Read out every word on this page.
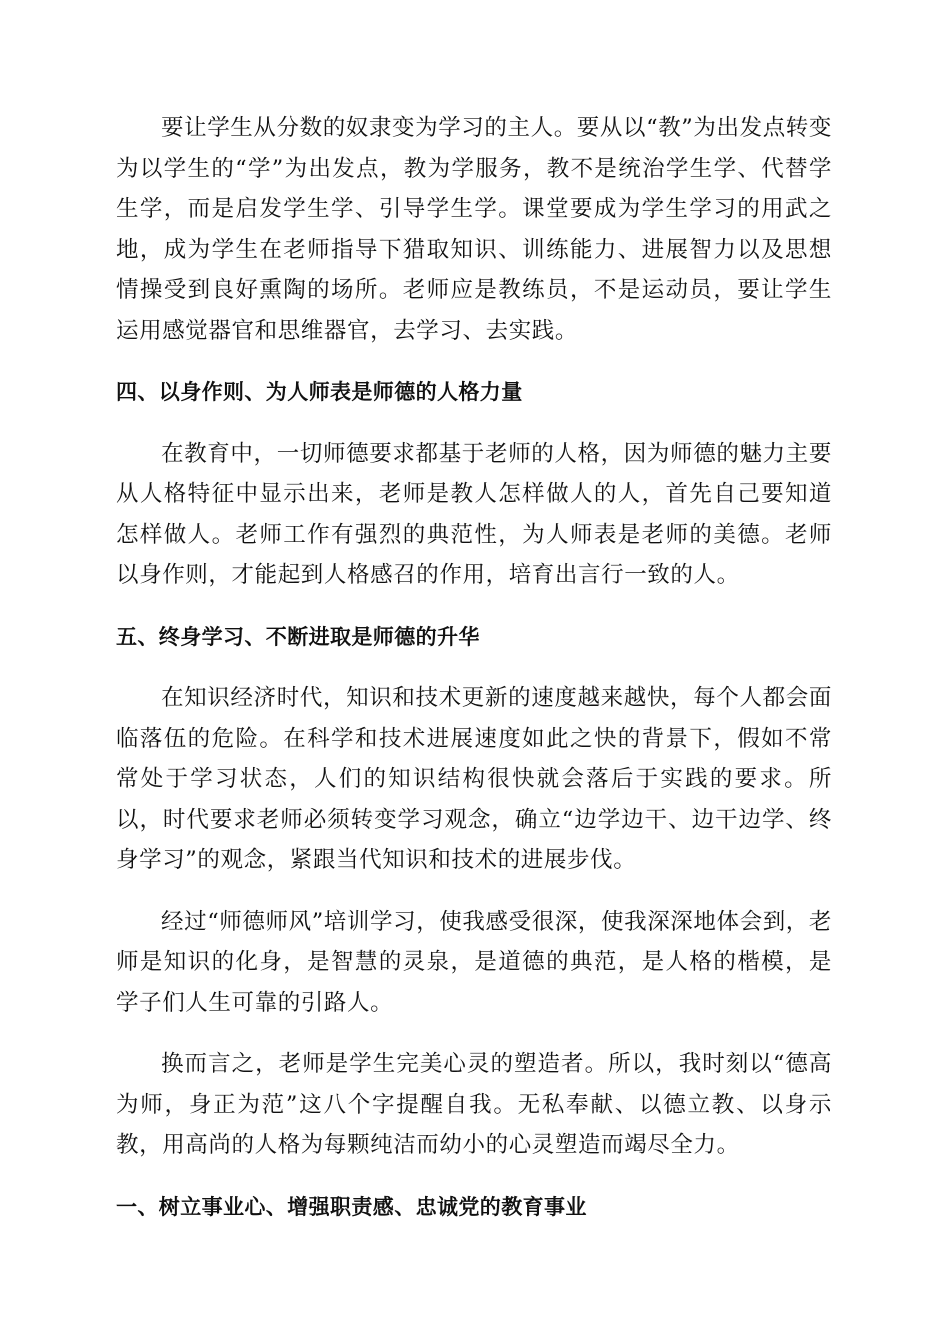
要让学生从分数的奴隶变为学习的主人。要从以“教”为出发点转变为以学生的“学”为出发点，教为学服务，教不是统治学生学、代替学生学，而是启发学生学、引导学生学。课堂要成为学生学习的用武之地，成为学生在老师指导下猎取知识、训练能力、进展智力以及思想情操受到良好熏陶的场所。老师应是教练员，不是运动员，要让学生运用感觉器官和思维器官，去学习、去实践。

四、以身作则、为人师表是师德的人格力量

在教育中，一切师德要求都基于老师的人格，因为师德的魅力主要从人格特征中显示出来，老师是教人怎样做人的人，首先自己要知道怎样做人。老师工作有强烈的典范性，为人师表是老师的美德。老师以身作则，才能起到人格感召的作用，培育出言行一致的人。

五、终身学习、不断进取是师德的升华

在知识经济时代，知识和技术更新的速度越来越快，每个人都会面临落伍的危险。在科学和技术进展速度如此之快的背景下，假如不常常处于学习状态，人们的知识结构很快就会落后于实践的要求。所以，时代要求老师必须转变学习观念，确立“边学边干、边干边学、终身学习”的观念，紧跟当代知识和技术的进展步伐。

经过“师德师风”培训学习，使我感受很深，使我深深地体会到，老师是知识的化身，是智慧的灵泉，是道德的典范，是人格的楷模，是学子们人生可靠的引路人。

换而言之，老师是学生完美心灵的塑造者。所以，我时刻以“德高为师，身正为范”这八个字提醒自我。无私奉献、以德立教、以身示教，用高尚的人格为每颗纯洁而幼小的心灵塑造而竭尽全力。

一、树立事业心、增强职责感、忠诚党的教育事业
